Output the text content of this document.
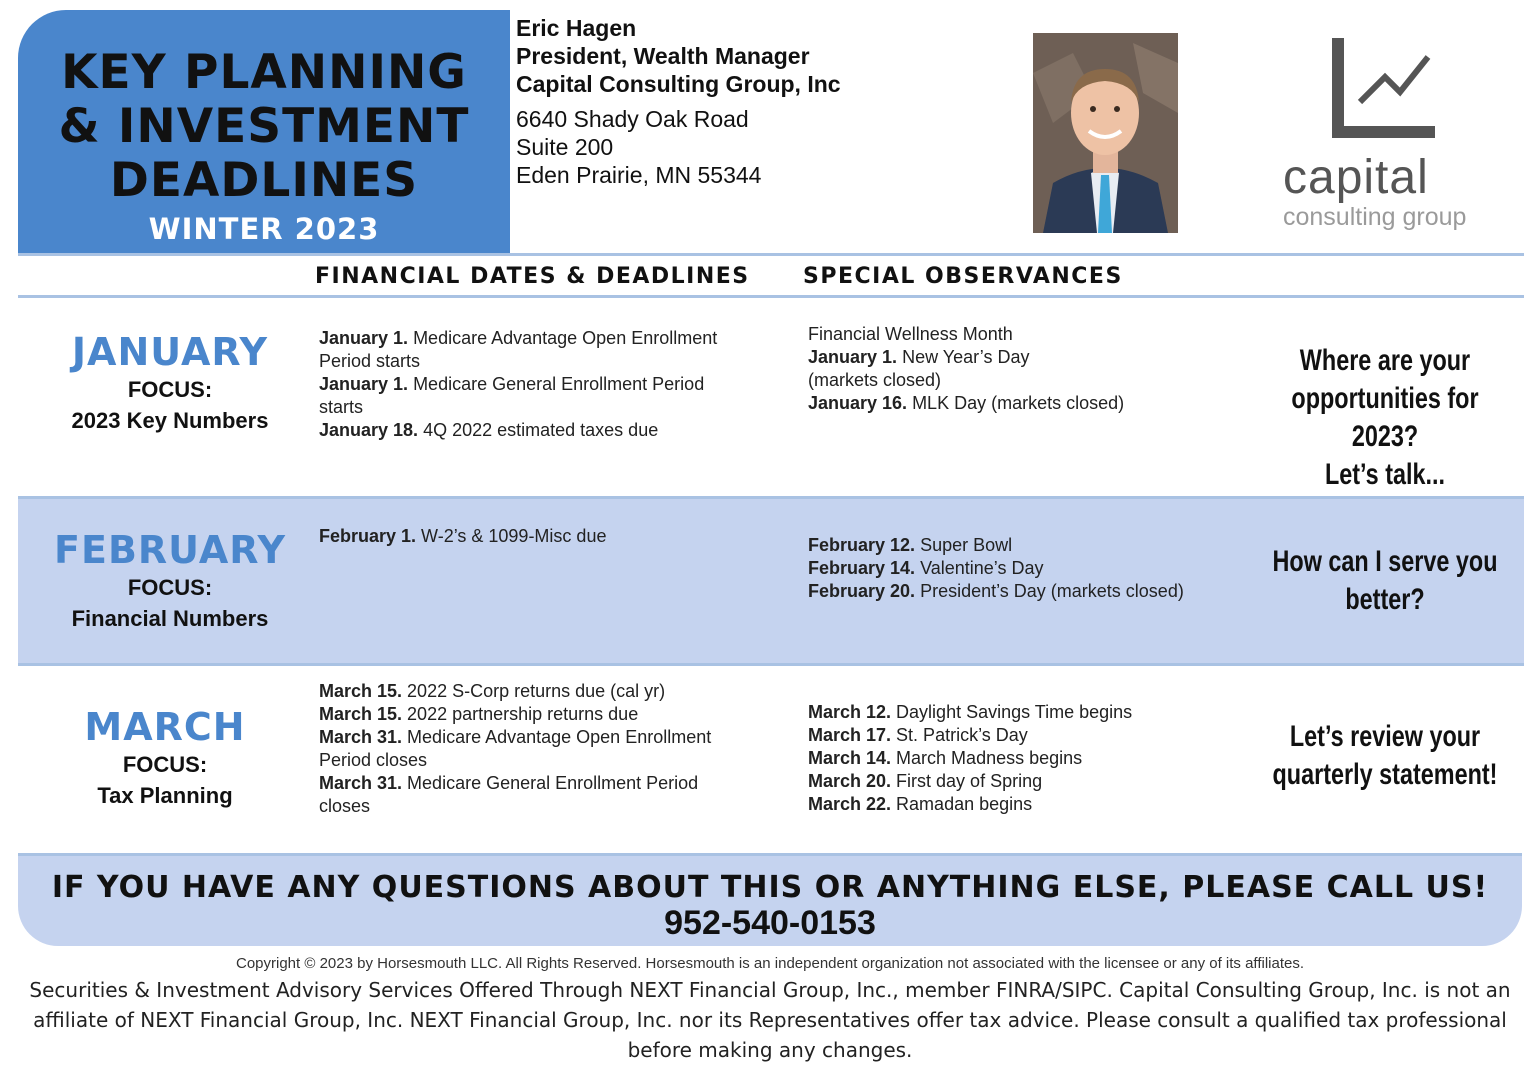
KEY PLANNING
& INVESTMENT
DEADLINES
WINTER 2023
Eric Hagen
President, Wealth Manager
Capital Consulting Group, Inc
6640 Shady Oak Road
Suite 200
Eden Prairie, MN 55344	capital
consulting group
FINANCIAL DATES & DEADLINES SPECIAL OBSERVANCES
JANUARY
FOCUS:
2023 Key Numbers
January 1. Medicare Advantage Open Enrollment
Period starts
January 1. Medicare General Enrollment Period
starts
January 18. 4Q 2022 estimated taxes due
Financial Wellness Month
January 1. New Year’s Day
(markets closed)
January 16. MLK Day (markets closed)
Where are your
opportunities for 2023?
Let’s talk...
FEBRUARY
FOCUS:
Financial Numbers
February 1. W-2’s & 1099-Misc due	February 12. Super Bowl
February 14. Valentine’s Day
February 20. President’s Day (markets closed)
How can I serve you
better?
MARCH
FOCUS:
Tax Planning
March 15. 2022 S-Corp returns due (cal yr)
March 15. 2022 partnership returns due
March 31. Medicare Advantage Open Enrollment
Period closes
March 31. Medicare General Enrollment Period
closes
March 12. Daylight Savings Time begins
March 17. St. Patrick’s Day
March 14. March Madness begins
March 20. First day of Spring
March 22. Ramadan begins
Let’s review your
quarterly statement!
IF YOU HAVE ANY QUESTIONS ABOUT THIS OR ANYTHING ELSE, PLEASE CALL US!
952-540-0153
Copyright © 2023 by Horsesmouth LLC. All Rights Reserved. Horsesmouth is an independent organization not associated with the licensee or any of its affiliates.
Securities & Investment Advisory Services Offered Through NEXT Financial Group, Inc., member FINRA/SIPC. Capital Consulting Group, Inc. is not an affiliate of NEXT Financial Group, Inc. NEXT Financial Group, Inc. nor its Representatives offer tax advice. Please consult a qualified tax professional before making any changes.
